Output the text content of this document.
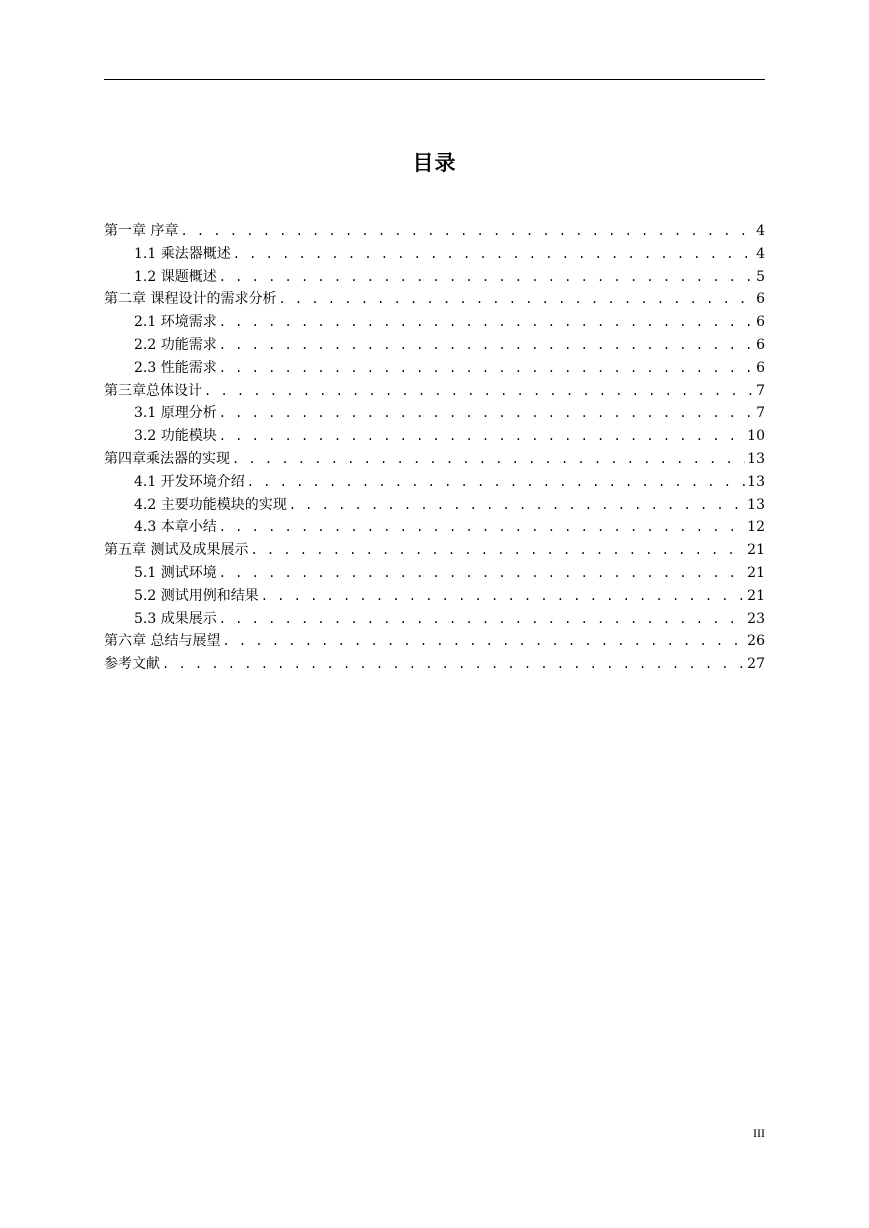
目录
第一章 序章 . . .	4
1.1 乘法器概述 . . .	4
1.2 课题概述 . . .	5
第二章 课程设计的需求分析 . . .	6
2.1 环境需求 . . .	6
2.2 功能需求 . . .	6
2.3 性能需求 . . .	6
第三章总体设计 . . .	7
3.1 原理分析 . . .	7
3.2 功能模块 . . .	10
第四章乘法器的实现 . . .	13
4.1 开发环境介绍 . . .	13
4.2 主要功能模块的实现 . . .	13
4.3 本章小结 . . .	12
第五章 测试及成果展示 . . .	21
5.1 测试环境 . . .	21
5.2 测试用例和结果 . . .	21
5.3 成果展示 . . .	23
第六章 总结与展望 . . .	26
参考文献 . . .	27
III
